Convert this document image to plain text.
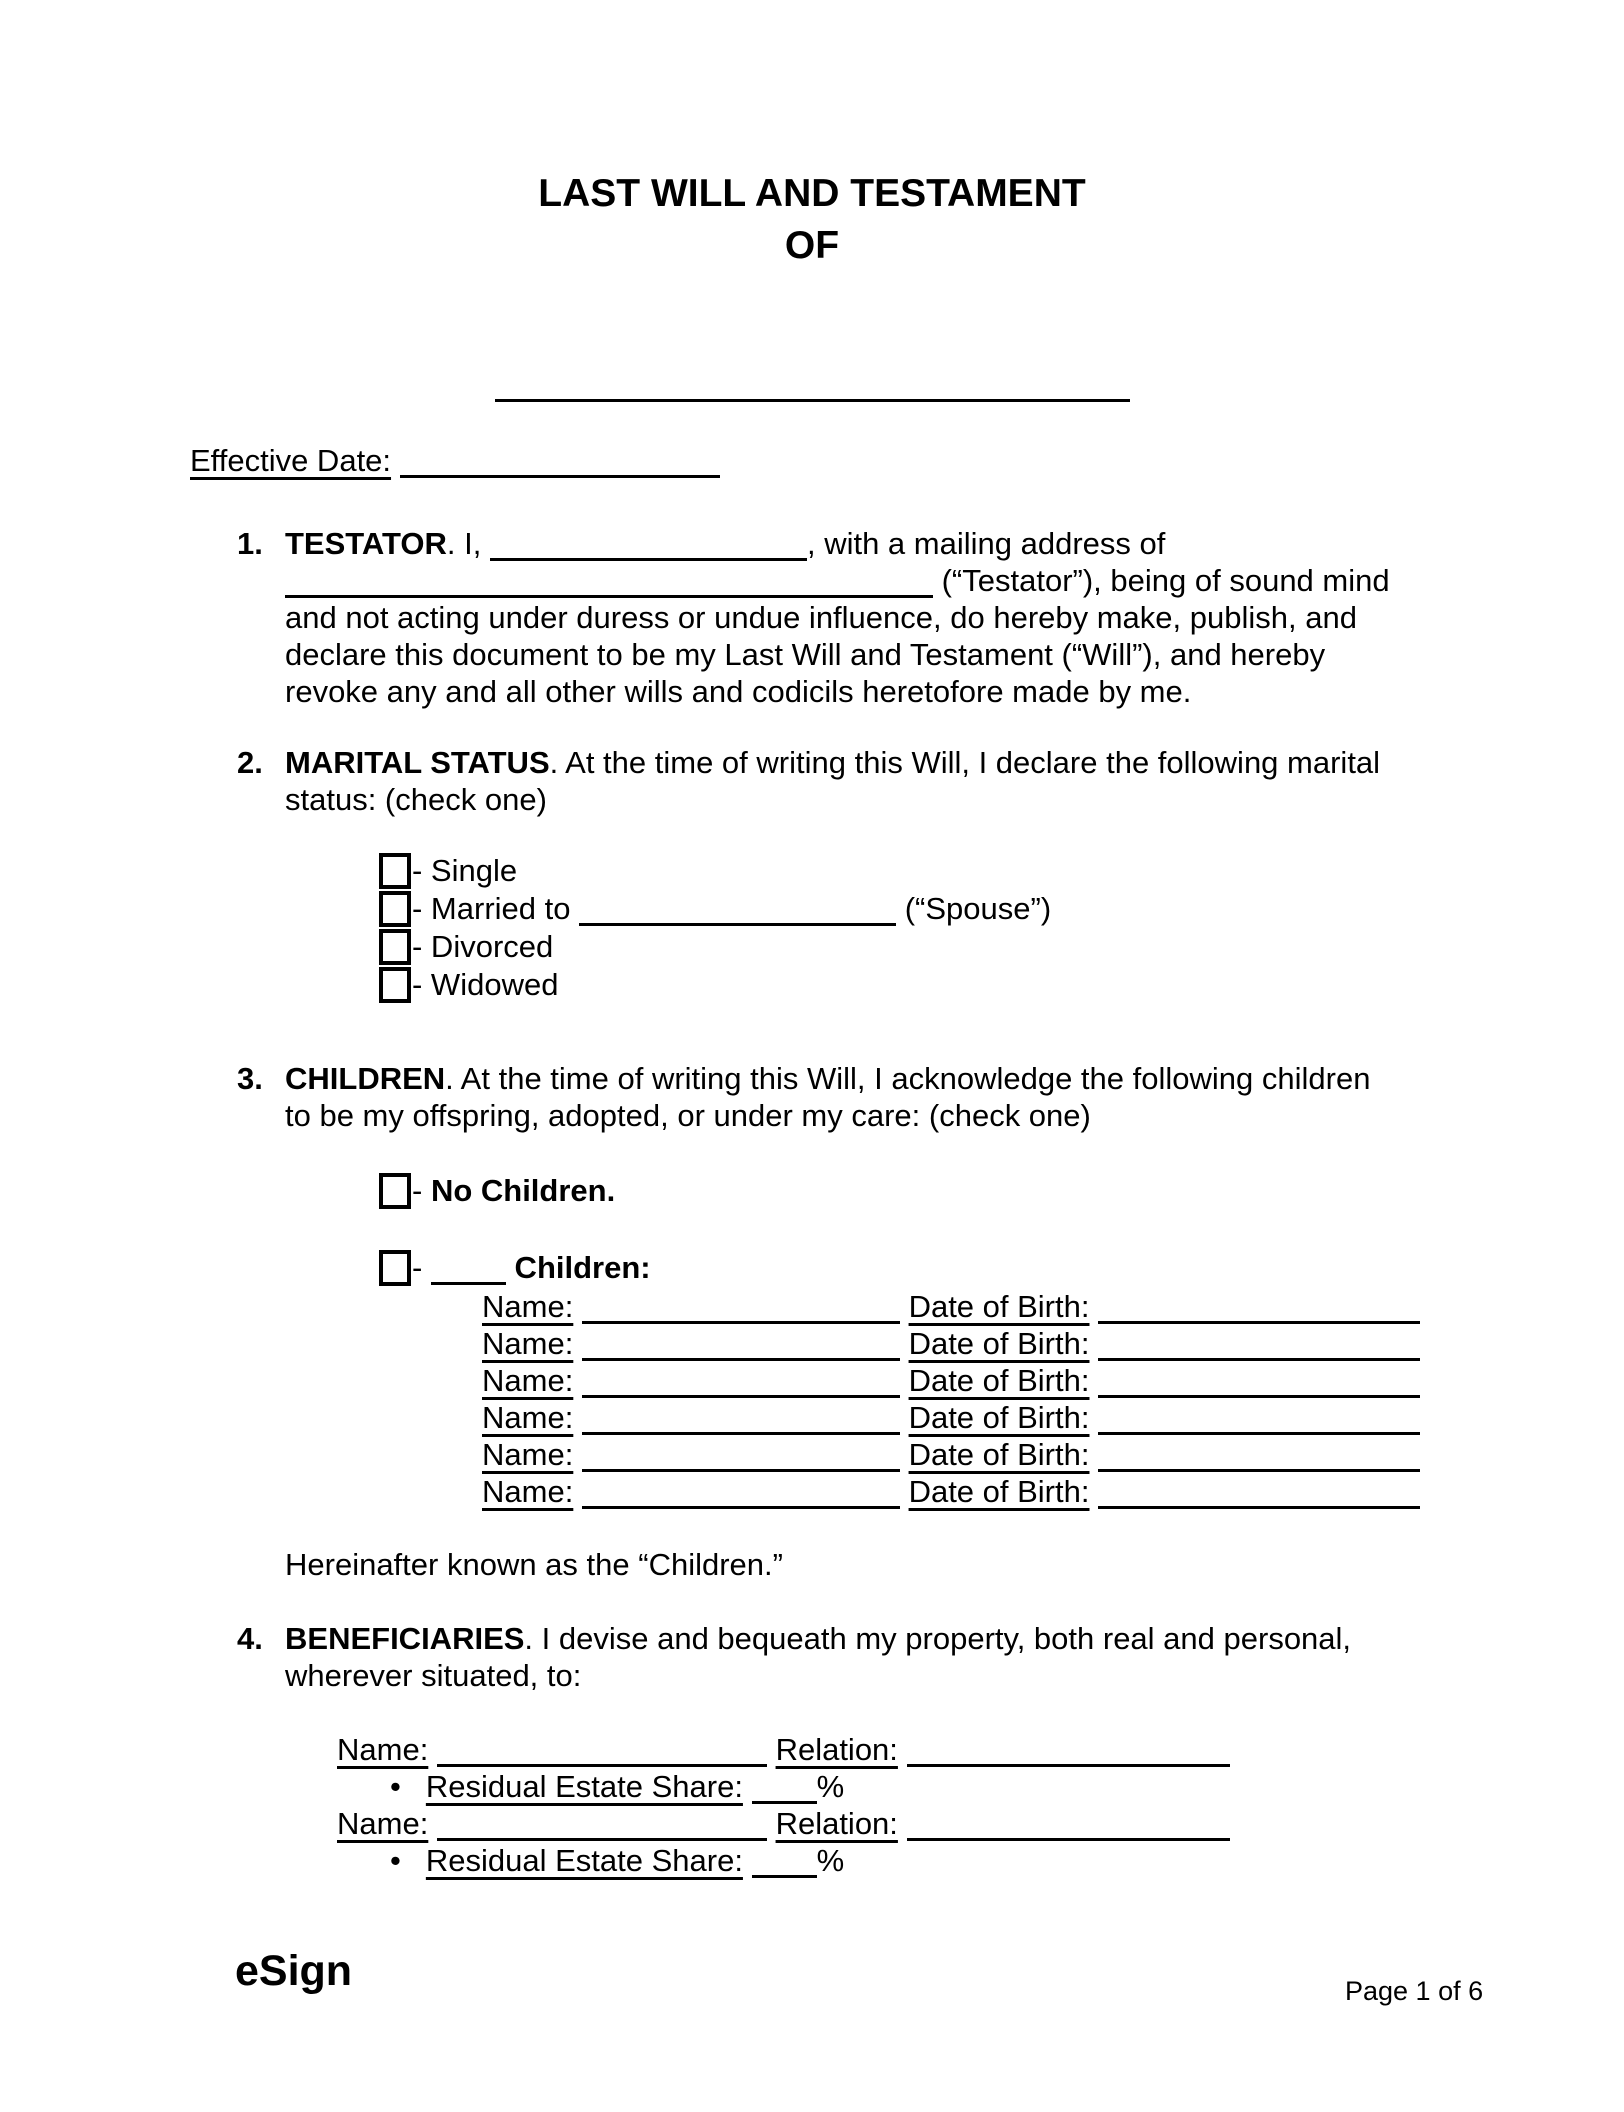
LAST WILL AND TESTAMENT
OF
Effective Date:
1. TESTATOR. I,	, with a mailing address of
(“Testator”), being of sound mind
and not acting under duress or undue influence, do hereby make, publish, and
declare this document to be my Last Will and Testament (“Will”), and hereby
revoke any and all other wills and codicils heretofore made by me.
2. MARITAL STATUS. At the time of writing this Will, I declare the following marital
status: (check one)
- Single
- Married to	(“Spouse”)
- Divorced
- Widowed
3. CHILDREN. At the time of writing this Will, I acknowledge the following children
to be my offspring, adopted, or under my care: (check one)
- No Children.
-  Children:
Name:	Date of Birth:
Name:	Date of Birth:
Name:	Date of Birth:
Name:	Date of Birth:
Name:	Date of Birth:
Name:	Date of Birth:
Hereinafter known as the “Children.”
4. BENEFICIARIES. I devise and bequeath my property, both real and personal,
wherever situated, to:
Name:	Relation:
• Residual Estate Share: %
Name:	Relation:
• Residual Estate Share: %
eSign	Page 1 of 6
